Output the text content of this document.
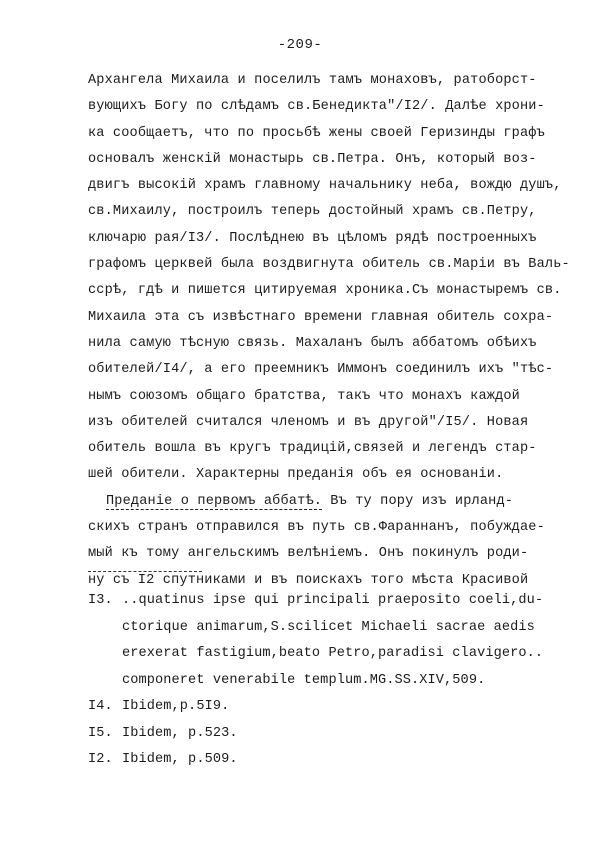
-209-
Архангела Михаила и поселилъ тамъ монаховъ, ратоборст-
вующихъ Богу по слѣдамъ св.Бенедикта"/I2/. Далѣе хрони-
ка сообщаетъ, что по просьбѣ жены своей Геризинды графъ
основалъ женскій монастырь св.Петра. Онъ, который воз-
двигъ высокій храмъ главному начальнику неба, вождю душъ,
св.Михаилу, построилъ теперь достойный храмъ св.Петру,
ключарю рая/I3/. Послѣднею въ цѣломъ рядѣ построенныхъ
графомъ церквей была воздвигнута обитель св.Маріи въ Валь-
ссрѣ, гдѣ и пишется цитируемая хроника.Съ монастыремъ св.
Михаила эта съ извѣстнаго времени главная обитель сохра-
нила самую тѣсную связь. Махаланъ былъ аббатомъ обѣихъ
обителей/I4/, а его преемникъ Иммонъ соединилъ ихъ "тѣс-
нымъ союзомъ общаго братства, такъ что монахъ каждой
изъ обителей считался членомъ и въ другой"/I5/. Новая
обитель вошла въ кругъ традицій,связей и легендъ стар-
шей обители. Характерны преданія объ ея основаніи.
Преданіе о первомъ аббатѣ. Въ ту пору изъ ирланд-
скихъ странъ отправился въ путь св.Фараннанъ, побуждае-
мый къ тому ангельскимъ велѣніемъ. Онъ покинулъ роди-
ну съ I2 спутниками и въ поискахъ того мѣста Красивой
I3. ..quatinus ipse qui principali praeposito coeli,du-
ctorique animarum,S.scilicet Michaeli sacrae aedis
erexerat fastigium,beato Petro,paradisi clavigero..
componeret venerabile templum.MG.SS.XIV,509.
I4. Ibidem,p.5I9.
I5. Ibidem, p.523.
I2. Ibidem, p.509.
